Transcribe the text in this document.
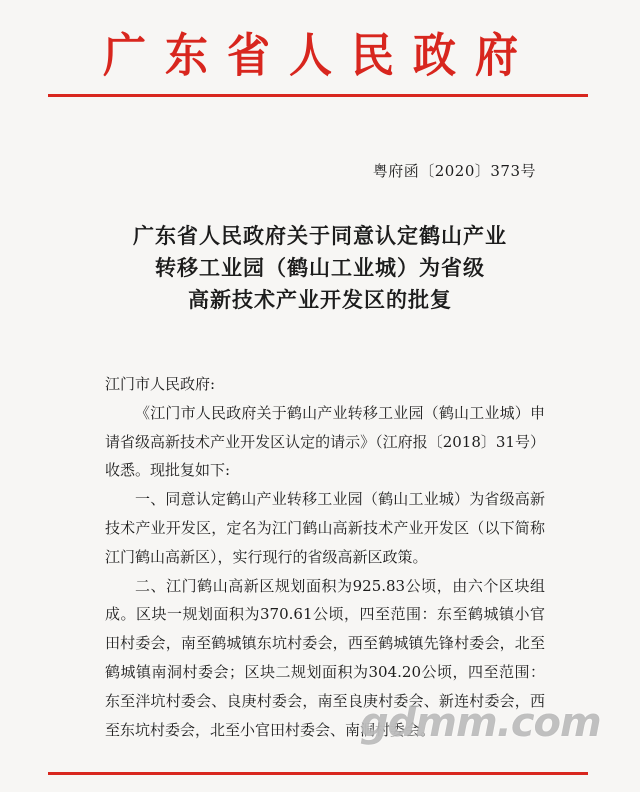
广东省人民政府
粤府函〔2020〕373号
广东省人民政府关于同意认定鹤山产业
转移工业园（鹤山工业城）为省级
高新技术产业开发区的批复

江门市人民政府:

《江门市人民政府关于鹤山产业转移工业园（鹤山工业城）申请省级高新技术产业开发区认定的请示》（江府报〔2018〕31号）收悉。现批复如下:

一、同意认定鹤山产业转移工业园（鹤山工业城）为省级高新技术产业开发区，定名为江门鹤山高新技术产业开发区（以下简称江门鹤山高新区），实行现行的省级高新区政策。

二、江门鹤山高新区规划面积为925.83公顷，由六个区块组成。区块一规划面积为370.61公顷，四至范围：东至鹤城镇小官田村委会，南至鹤城镇东坑村委会，西至鹤城镇先锋村委会，北至鹤城镇南洞村委会；区块二规划面积为304.20公顷，四至范围：东至泮坑村委会、良庚村委会，南至良庚村委会、新连村委会，西至东坑村委会，北至小官田村委会、南洞村委会。

gdmm.com
